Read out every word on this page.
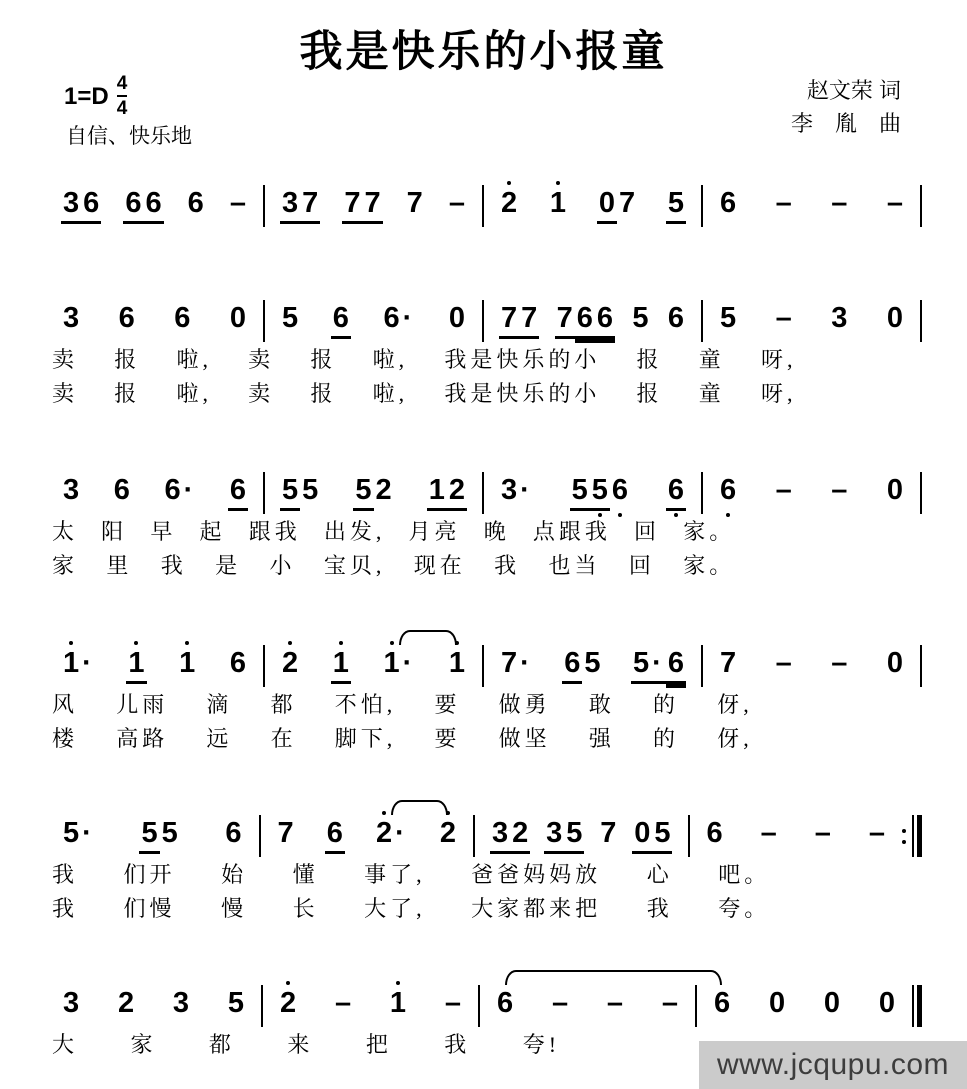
我是快乐的小报童
$1=D \frac{4}{4}$
自信、快乐地
赵文荣 词
李　胤　曲
3 6 6 6 6 – 3 7 7 7 7 – 2 1 0 7 5 6 – – –
3 6 6 0 5 6 6 · 0 7 7 7 6 6 5 6 5 – 3 0
卖 报 啦, 卖 报 啦, 我是快乐的小 报 童 呀,
卖 报 啦, 卖 报 啦, 我是快乐的小 报 童 呀,
3 6 6 · 6 5 5 5 2 1 2 3 · 5 5 6 6 6 – – 0
太 阳 早 起 跟我 出发, 月亮 晚 点跟我 回 家。
家 里 我 是 小 宝贝, 现在 我 也当 回 家。
1 · 1 1 6 2 1 1 · 1 7 · 6 5 5 · 6 7 – – 0
风 儿雨 滴 都 不怕, 要 做勇 敢 的 伢,
楼 高路 远 在 脚下, 要 做坚 强 的 伢,
5 · 5 5 6 7 6 2 · 2 3 2 3 5 7 0 5 6 – – –
我 们开 始 懂 事了, 爸爸妈妈放 心 吧。
我 们慢 慢 长 大了, 大家都来把 我 夸。
3 2 3 5 2 – 1 – 6 – – – 6 0 0 0
大 家 都 来 把 我 夸!
www.jcqupu.com
